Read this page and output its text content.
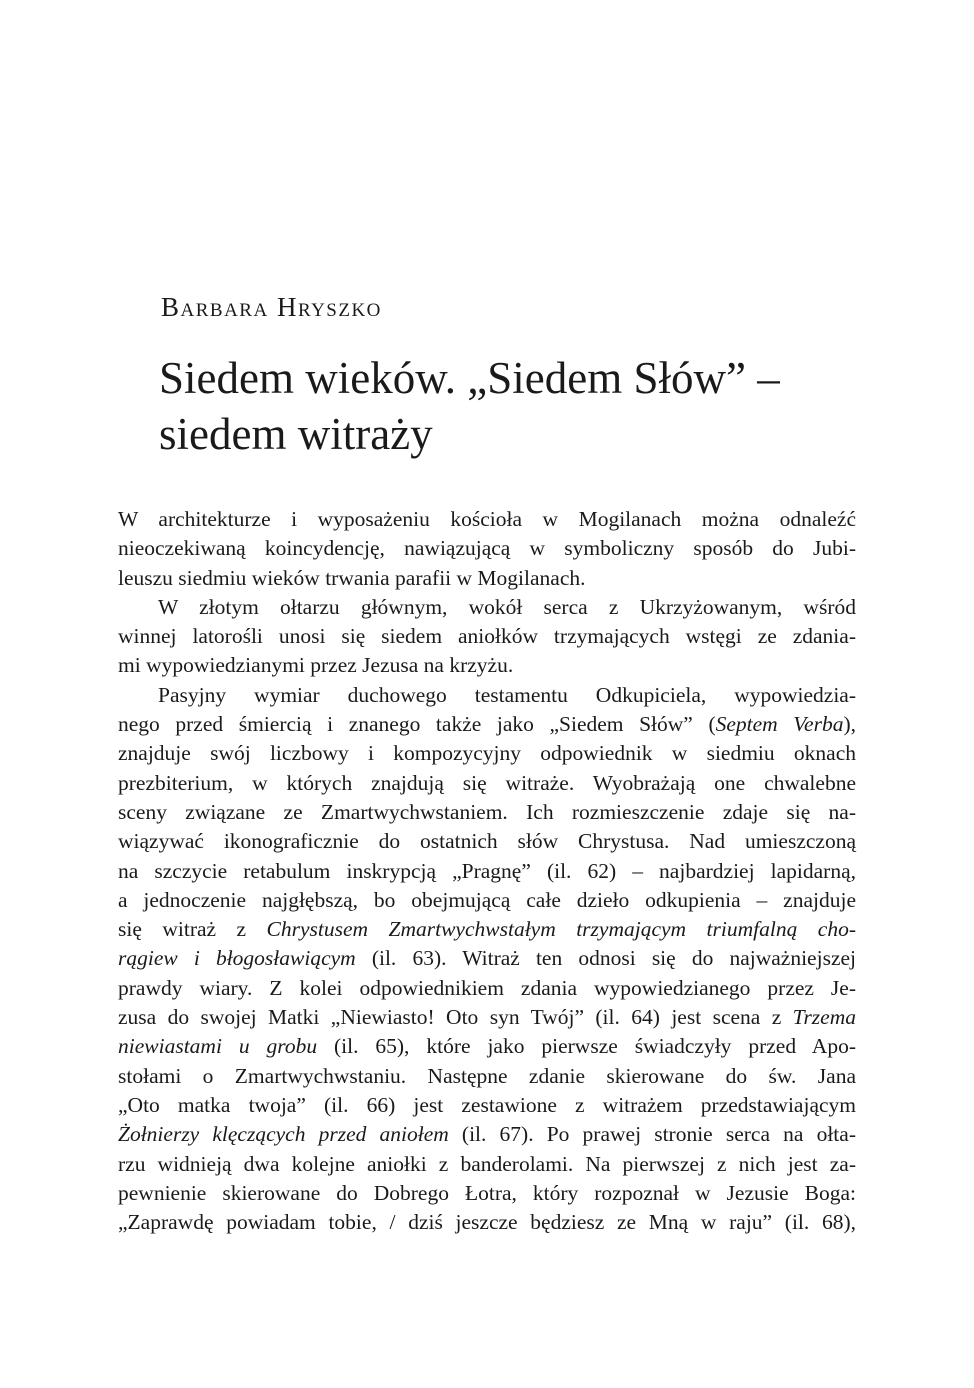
Barbara Hryszko
Siedem wieków. „Siedem Słów” –
siedem witraży
W architekturze i wyposażeniu kościoła w Mogilanach można odnaleźć
nieoczekiwaną koincydencję, nawiązującą w symboliczny sposób do Jubi-
leuszu siedmiu wieków trwania parafii w Mogilanach.
W złotym ołtarzu głównym, wokół serca z Ukrzyżowanym, wśród
winnej latorośli unosi się siedem aniołków trzymających wstęgi ze zdania-
mi wypowiedzianymi przez Jezusa na krzyżu.
Pasyjny wymiar duchowego testamentu Odkupiciela, wypowiedzia-
nego przed śmiercią i znanego także jako „Siedem Słów” (Septem Verba),
znajduje swój liczbowy i kompozycyjny odpowiednik w siedmiu oknach
prezbiterium, w których znajdują się witraże. Wyobrażają one chwalebne
sceny związane ze Zmartwychwstaniem. Ich rozmieszczenie zdaje się na-
wiązywać ikonograficznie do ostatnich słów Chrystusa. Nad umieszczoną
na szczycie retabulum inskrypcją „Pragnę” (il. 62) – najbardziej lapidarną,
a jednoczenie najgłębszą, bo obejmującą całe dzieło odkupienia – znajduje
się witraż z Chrystusem Zmartwychwstałym trzymającym triumfalną cho-
rągiew i błogosławiącym (il. 63). Witraż ten odnosi się do najważniejszej
prawdy wiary. Z kolei odpowiednikiem zdania wypowiedzianego przez Je-
zusa do swojej Matki „Niewiasto! Oto syn Twój” (il. 64) jest scena z Trzema
niewiastami u grobu (il. 65), które jako pierwsze świadczyły przed Apo-
stołami o Zmartwychwstaniu. Następne zdanie skierowane do św. Jana
„Oto matka twoja” (il. 66) jest zestawione z witrażem przedstawiającym
Żołnierzy klęczących przed aniołem (il. 67). Po prawej stronie serca na ołta-
rzu widnieją dwa kolejne aniołki z banderolami. Na pierwszej z nich jest za-
pewnienie skierowane do Dobrego Łotra, który rozpoznał w Jezusie Boga:
„Zaprawdę powiadam tobie, / dziś jeszcze będziesz ze Mną w raju” (il. 68),
